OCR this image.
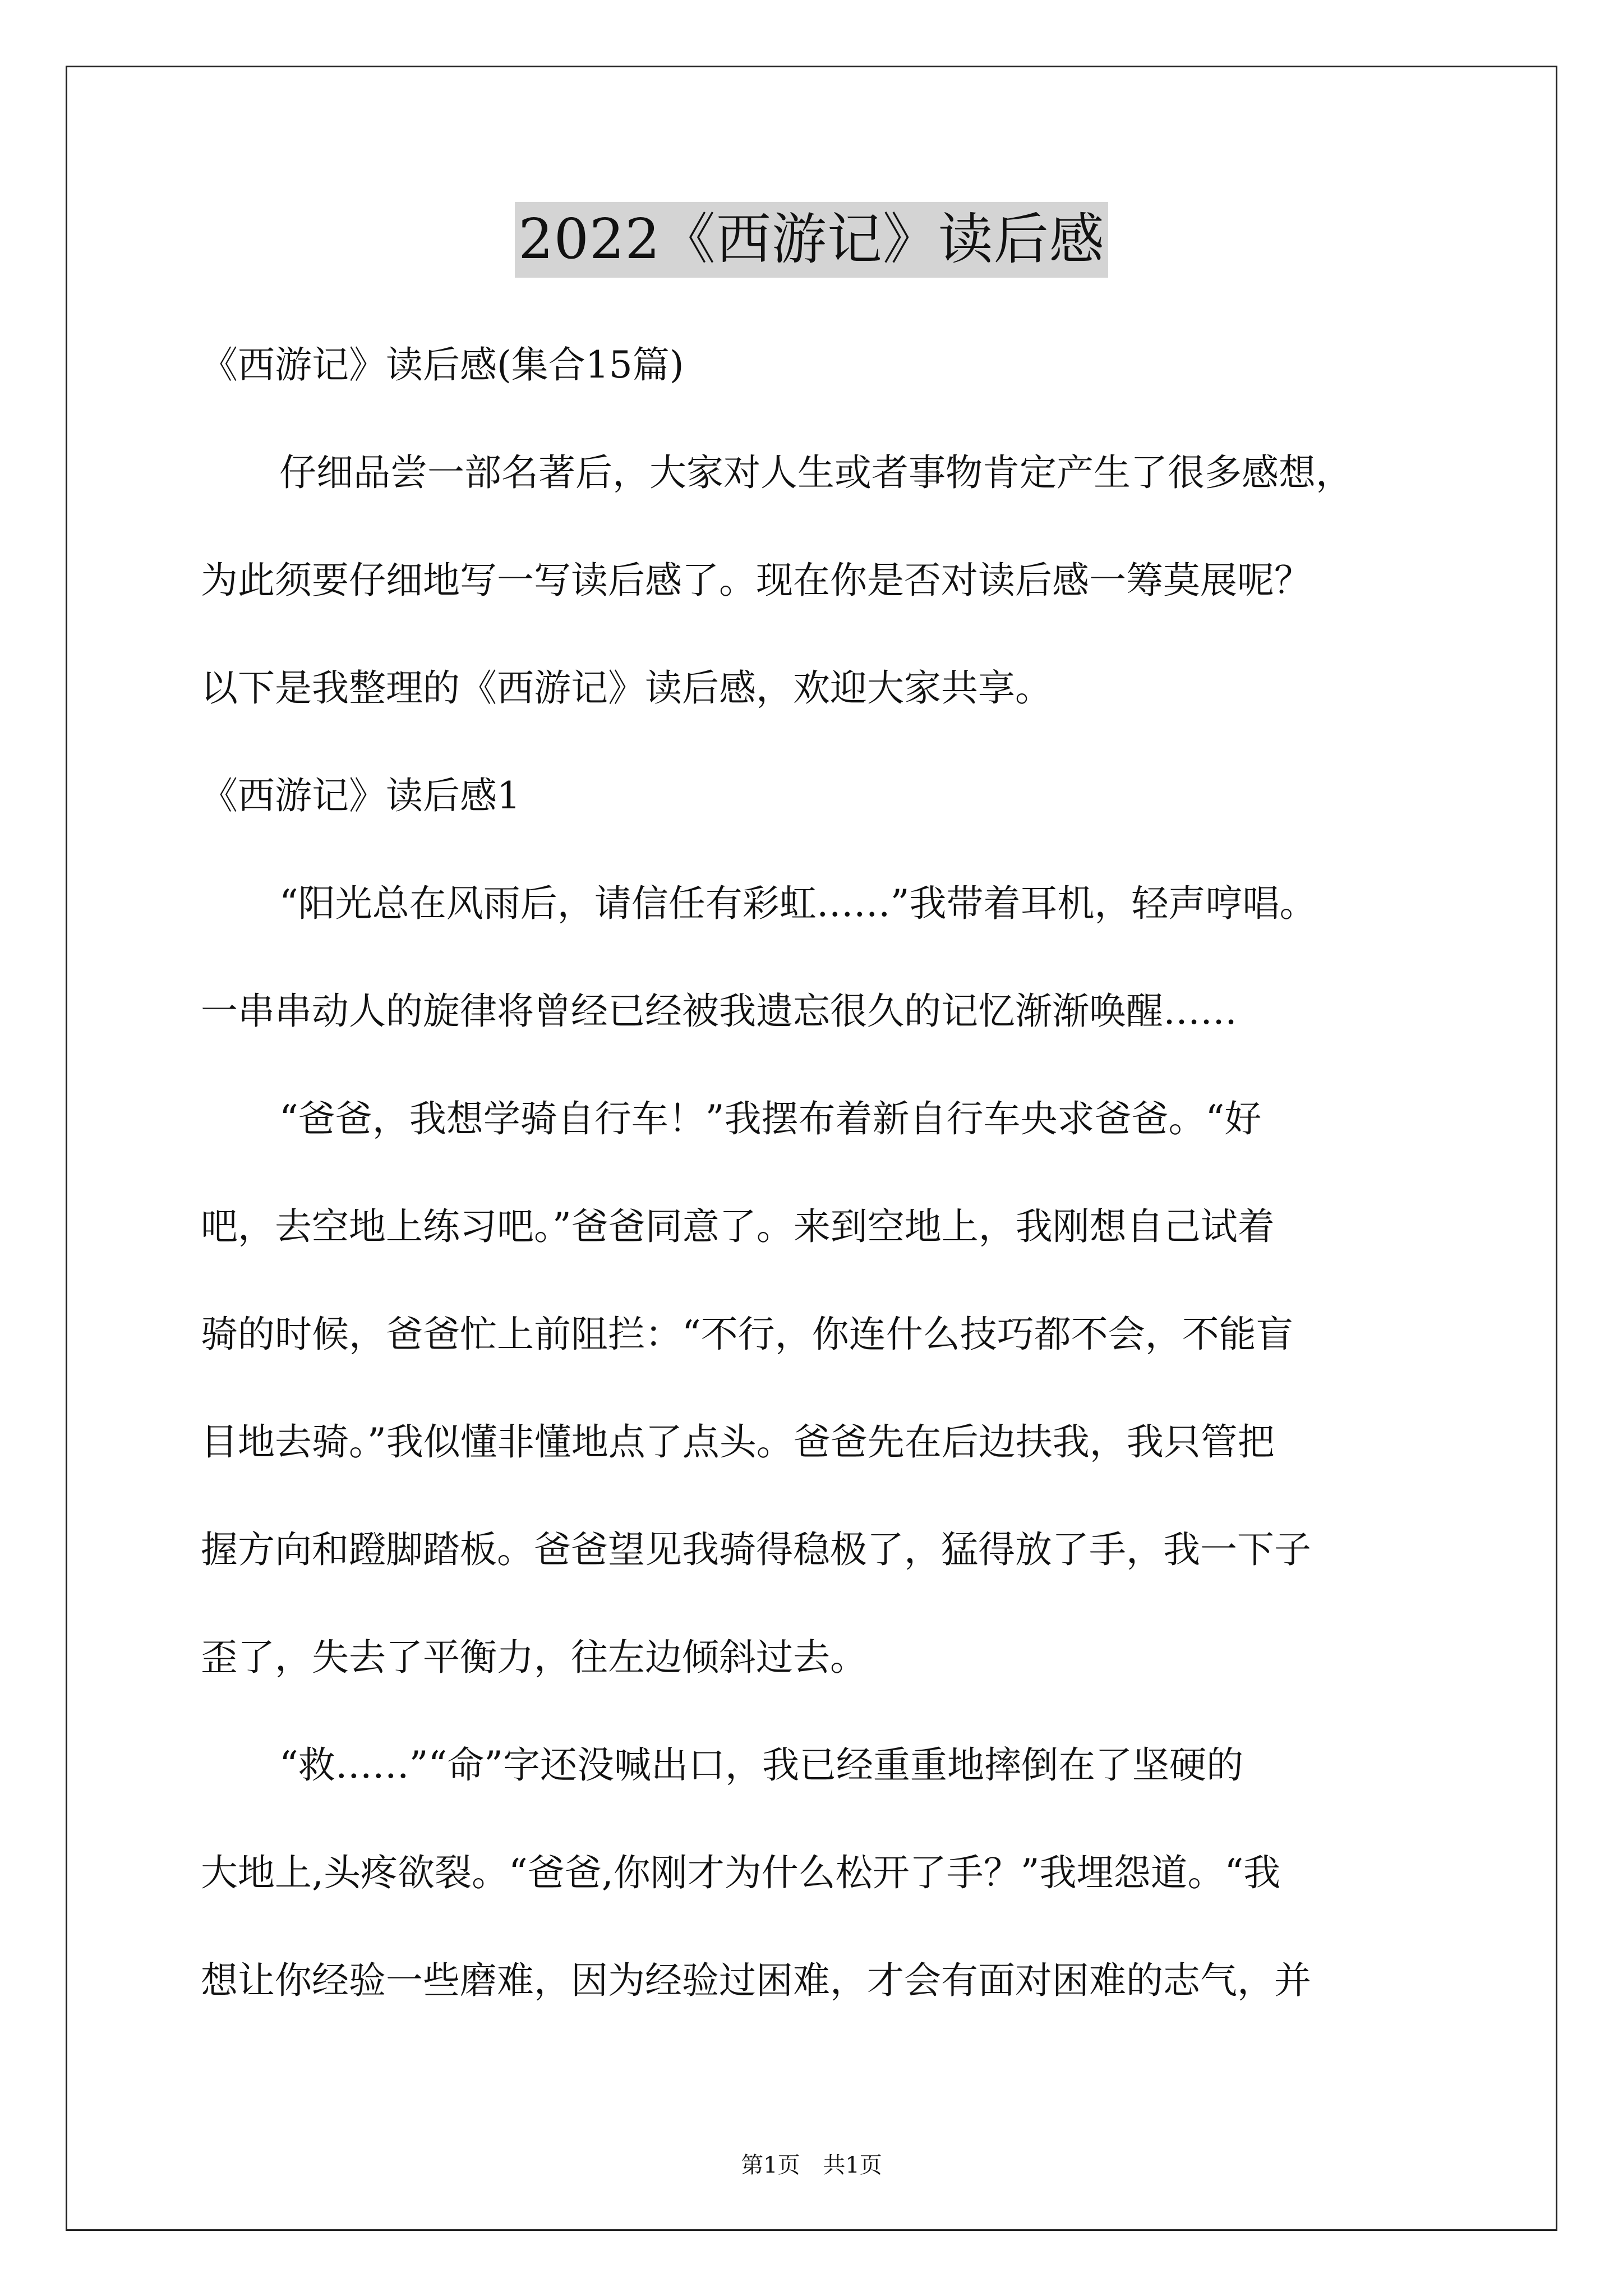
2022《西游记》读后感

《西游记》读后感(集合15篇)

仔细品尝一部名著后，大家对人生或者事物肯定产生了很多感想，
为此须要仔细地写一写读后感了。现在你是否对读后感一筹莫展呢？
以下是我整理的《西游记》读后感，欢迎大家共享。

《西游记》读后感1

“阳光总在风雨后，请信任有彩虹……”我带着耳机，轻声哼唱。
一串串动人的旋律将曾经已经被我遗忘很久的记忆渐渐唤醒……

“爸爸，我想学骑自行车！”我摆布着新自行车央求爸爸。“好
吧，去空地上练习吧。”爸爸同意了。来到空地上，我刚想自己试着
骑的时候，爸爸忙上前阻拦：“不行，你连什么技巧都不会，不能盲
目地去骑。”我似懂非懂地点了点头。爸爸先在后边扶我，我只管把
握方向和蹬脚踏板。爸爸望见我骑得稳极了，猛得放了手，我一下子
歪了，失去了平衡力，往左边倾斜过去。

“救……”“命”字还没喊出口，我已经重重地摔倒在了坚硬的
大地上,头疼欲裂。“爸爸,你刚才为什么松开了手？”我埋怨道。“我
想让你经验一些磨难，因为经验过困难，才会有面对困难的志气，并

第1页 共1页
